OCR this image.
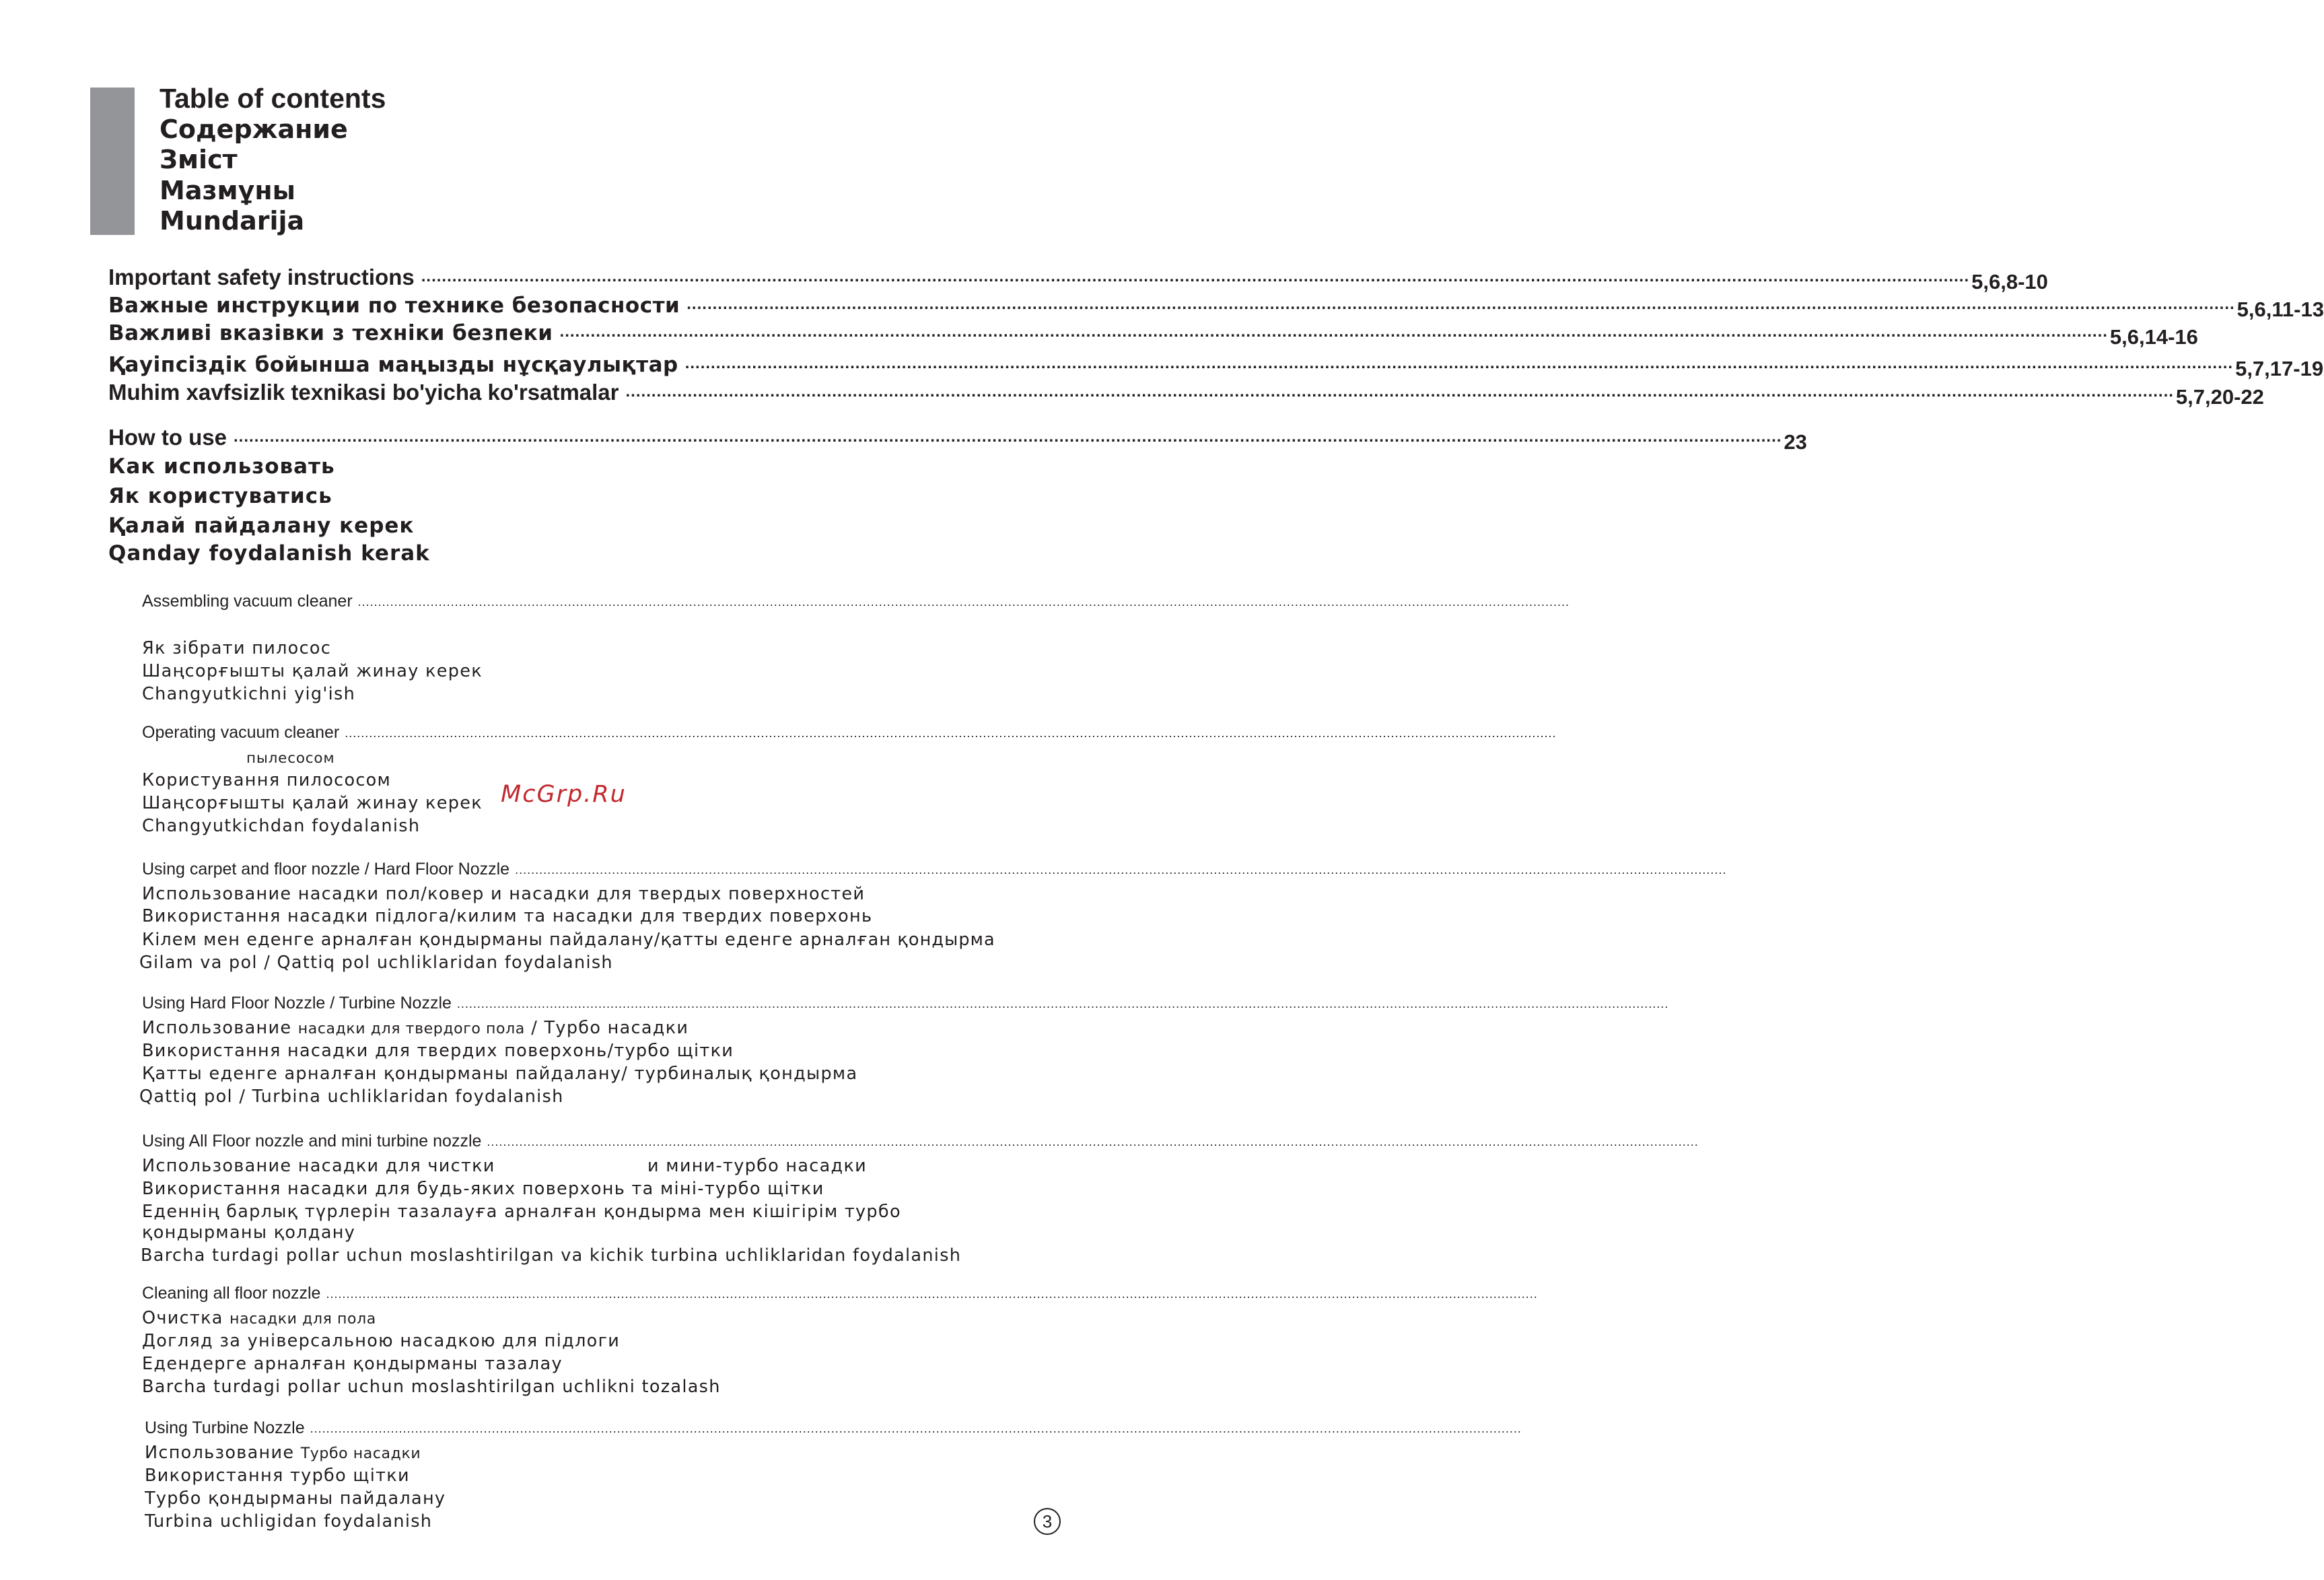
Table of contents
Содержание
Зміст
Мазмұны
Mundarija
Important safety instructions ............................................................................................................................................................................................................................................................................................................ 5,6,8-10
Важные инструкции по технике безопасности ............................................................................................................................................................................................................................................................................................................ 5,6,11-13
Важливі вказівки з техніки безпеки ............................................................................................................................................................................................................................................................................................................ 5,6,14-16
Қауіпсіздік бойынша маңызды нұсқаулықтар ............................................................................................................................................................................................................................................................................................................ 5,7,17-19
Muhim xavfsizlik texnikasi bo'yicha ko'rsatmalar ............................................................................................................................................................................................................................................................................................................ 5,7,20-22
How to use ............................................................................................................................................................................................................................................................................................................ 23
Как использовать
Як користуватись
Қалай пайдалану керек
Qanday foydalanish kerak
Assembling vacuum cleaner ............................................................................................................................................................................................................................................................................................................
Як зібрати пилосос
Шаңсорғышты қалай жинау керек
Changyutkichni yig'ish
Operating vacuum cleaner ............................................................................................................................................................................................................................................................................................................
пылесосом
Користування пилососом
Шаңсорғышты қалай жинау керек
Changyutkichdan foydalanish
Using carpet and floor nozzle / Hard Floor Nozzle ............................................................................................................................................................................................................................................................................................................
Использование насадки пол/ковер и насадки для твердых поверхностей
Використання насадки підлога/килим та насадки для твердих поверхонь
Кілем мен еденге арналған қондырманы пайдалану/қатты еденге арналған қондырма
Gilam va pol / Qattiq pol uchliklaridan foydalanish
Using Hard Floor Nozzle / Turbine Nozzle ............................................................................................................................................................................................................................................................................................................
Использование насадки для твердого пола / Турбо насадки
Використання насадки для твердих поверхонь/турбо щітки
Қатты еденге арналған қондырманы пайдалану/ турбиналық қондырма
Qattiq pol / Turbina uchliklaridan foydalanish
Using All Floor nozzle and mini turbine nozzle ............................................................................................................................................................................................................................................................................................................
Использование насадки для чистки	и мини-турбо насадки
Використання насадки для будь-яких поверхонь та міні-турбо щітки
Еденнің барлық түрлерін тазалауға арналған қондырма мен кішігірім турбо
қондырманы қолдану
Barcha turdagi pollar uchun moslashtirilgan va kichik turbina uchliklaridan foydalanish
Cleaning all floor nozzle ............................................................................................................................................................................................................................................................................................................
Очистка насадки для пола
Догляд за універсальною насадкою для підлоги
Едендерге арналған қондырманы тазалау
Barcha turdagi pollar uchun moslashtirilgan uchlikni tozalash
Using Turbine Nozzle ............................................................................................................................................................................................................................................................................................................
Использование Турбо насадки
Використання турбо щітки
Турбо қондырманы пайдалану
Turbina uchligidan foydalanish
McGrp.Ru
3
